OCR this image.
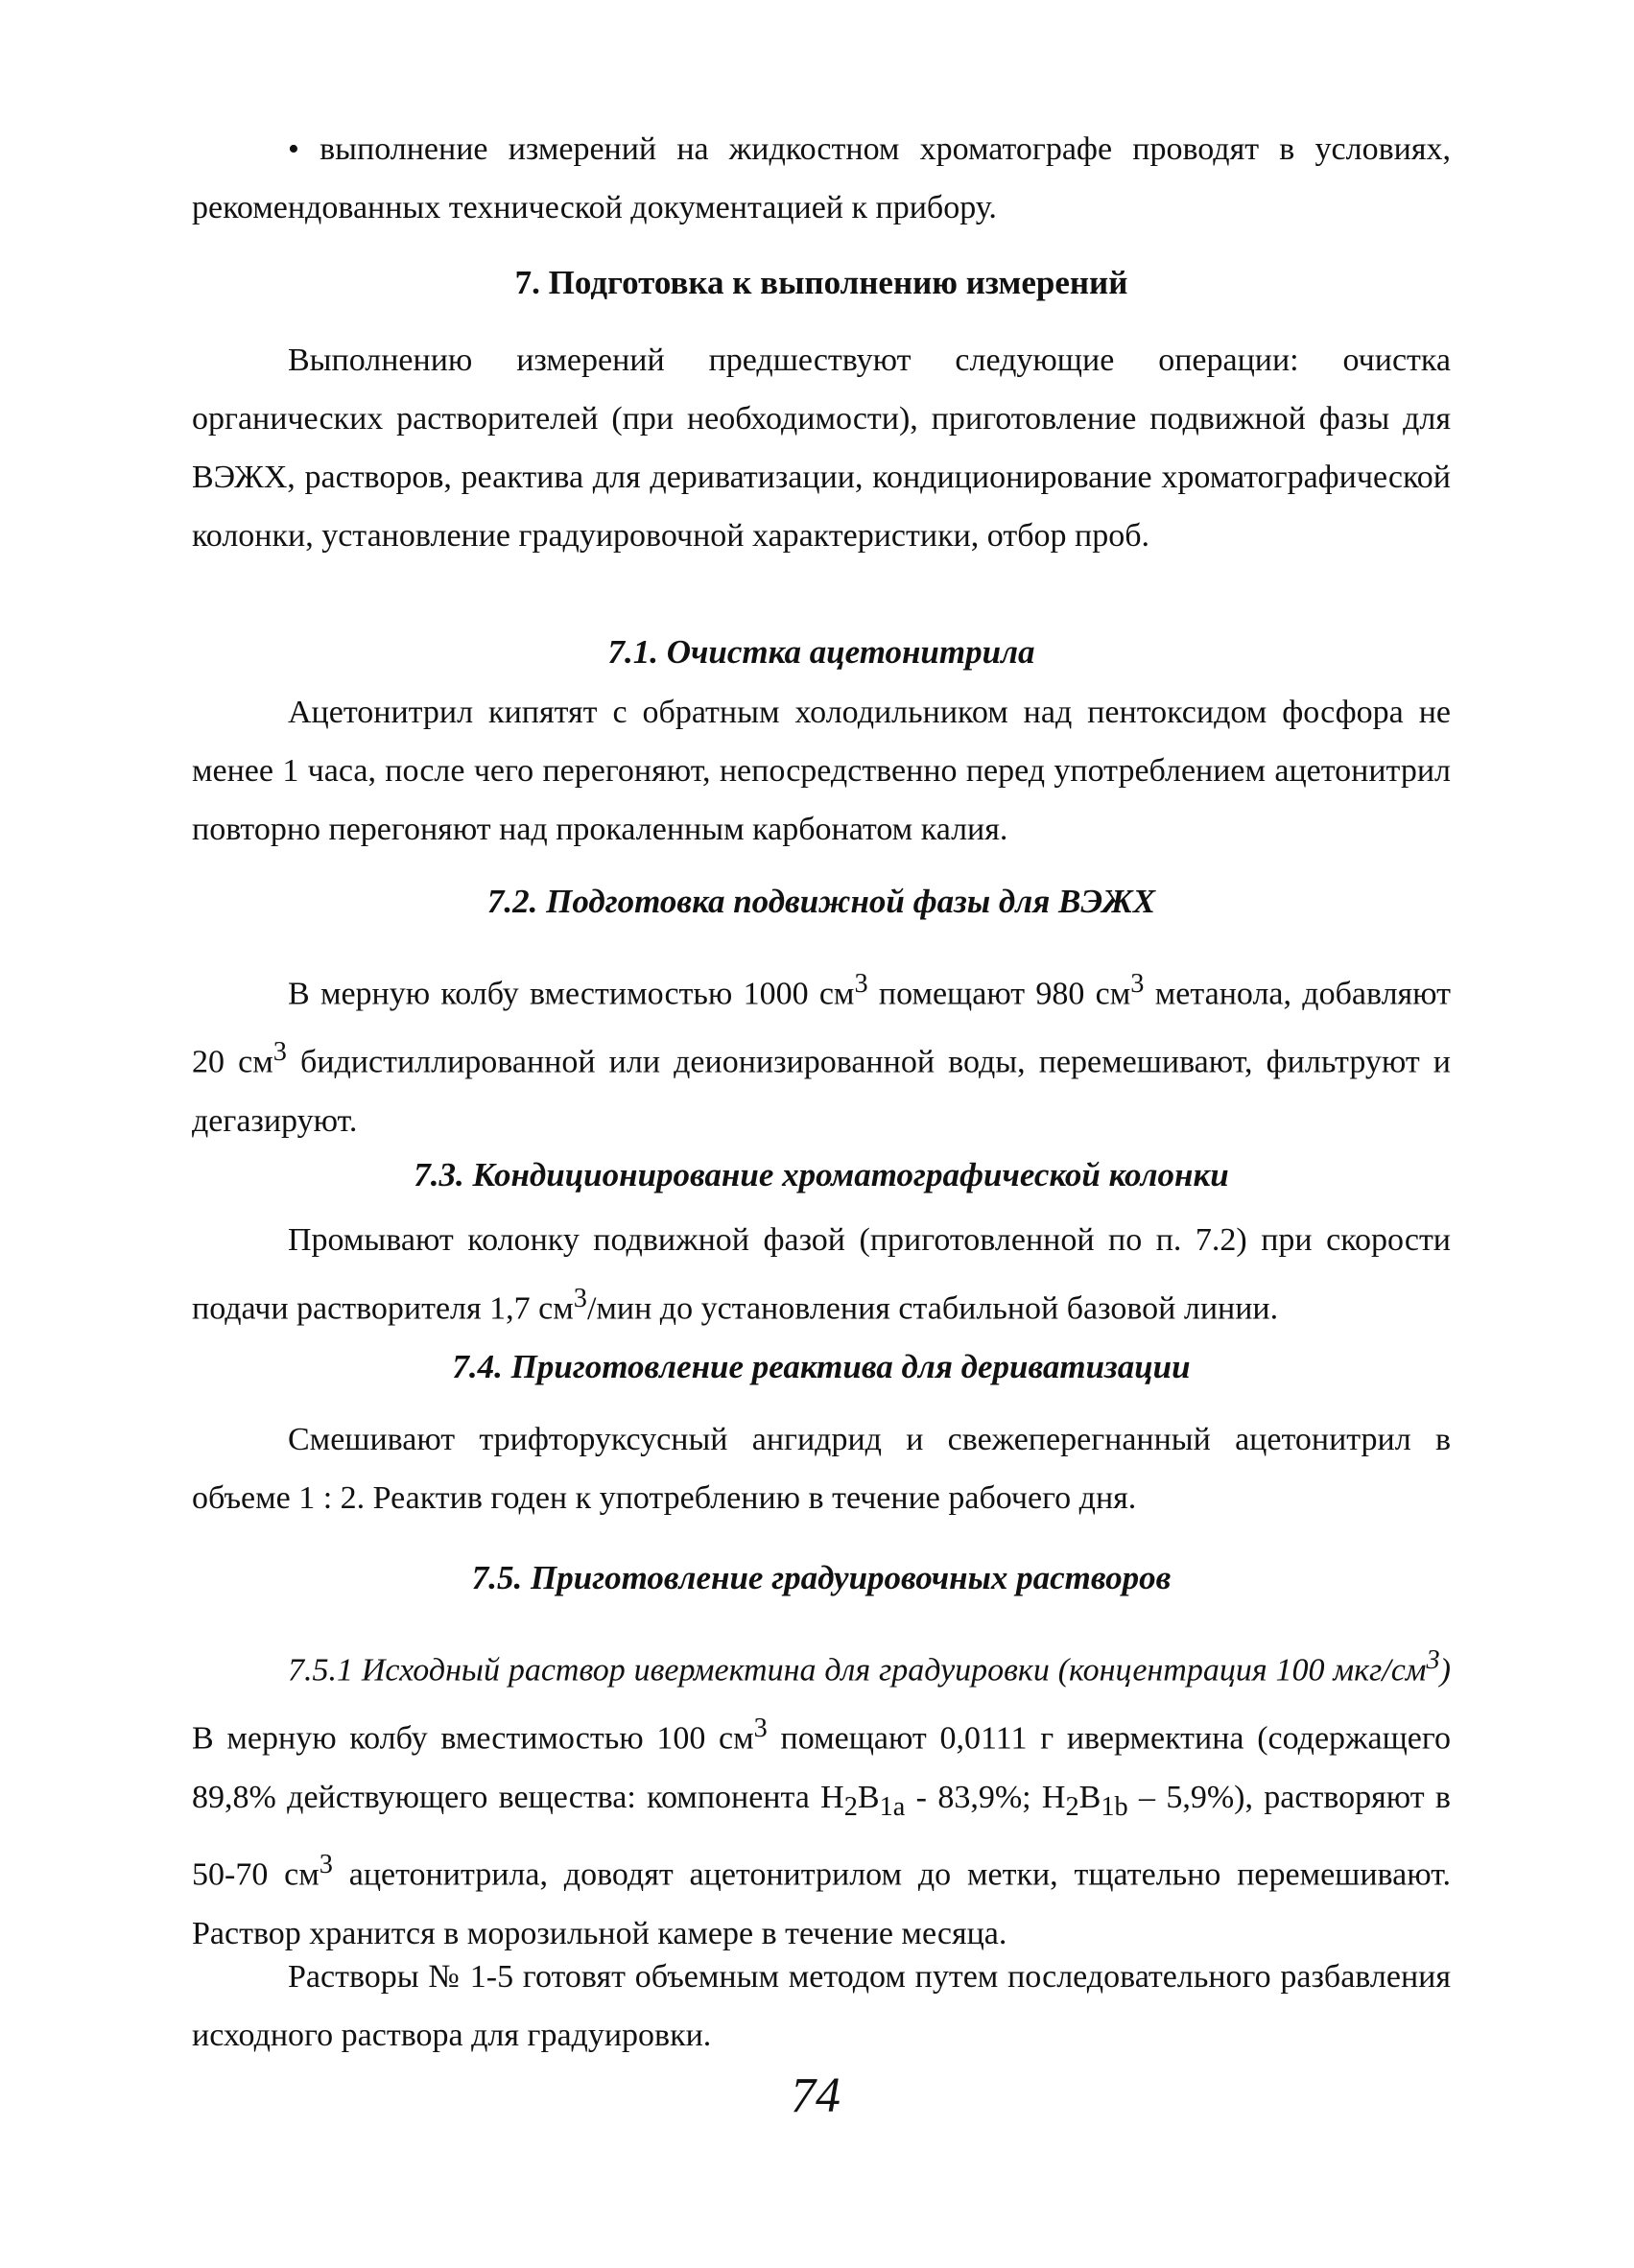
• выполнение измерений на жидкостном хроматографе проводят в условиях, рекомендованных технической документацией к прибору.

7. Подготовка к выполнению измерений

Выполнению измерений предшествуют следующие операции: очистка органических растворителей (при необходимости), приготовление подвижной фазы для ВЭЖХ, растворов, реактива для дериватизации, кондиционирование хроматографической колонки, установление градуировочной характеристики, отбор проб.

7.1. Очистка ацетонитрила

Ацетонитрил кипятят с обратным холодильником над пентоксидом фосфора не менее 1 часа, после чего перегоняют, непосредственно перед употреблением ацетонитрил повторно перегоняют над прокаленным карбонатом калия.

7.2. Подготовка подвижной фазы для ВЭЖХ

В мерную колбу вместимостью 1000 $см^3$ помещают 980 $см^3$ метанола, добавляют 20 $см^3$ бидистиллированной или деионизированной воды, перемешивают, фильтруют и дегазируют.

7.3. Кондиционирование хроматографической колонки

Промывают колонку подвижной фазой (приготовленной по п. 7.2) при скорости подачи растворителя 1,7 $см^3$/мин до установления стабильной базовой линии.

7.4. Приготовление реактива для дериватизации

Смешивают трифторуксусный ангидрид и свежеперегнанный ацетонитрил в объеме 1 : 2. Реактив годен к употреблению в течение рабочего дня.

7.5. Приготовление градуировочных растворов

7.5.1 Исходный раствор ивермектина для градуировки (концентрация 100 мкг/$см^3$) В мерную колбу вместимостью 100 $см^3$ помещают 0,0111 г ивермектина (содержащего 89,8% действующего вещества: компонента $H_2B_{1a} - 83,9\%$; $H_2B_{1b} - 5,9\%$), растворяют в 50-70 $см^3$ ацетонитрила, доводят ацетонитрилом до метки, тщательно перемешивают. Раствор хранится в морозильной камере в течение месяца.

Растворы № 1-5 готовят объемным методом путем последовательного разбавления исходного раствора для градуировки.

74
